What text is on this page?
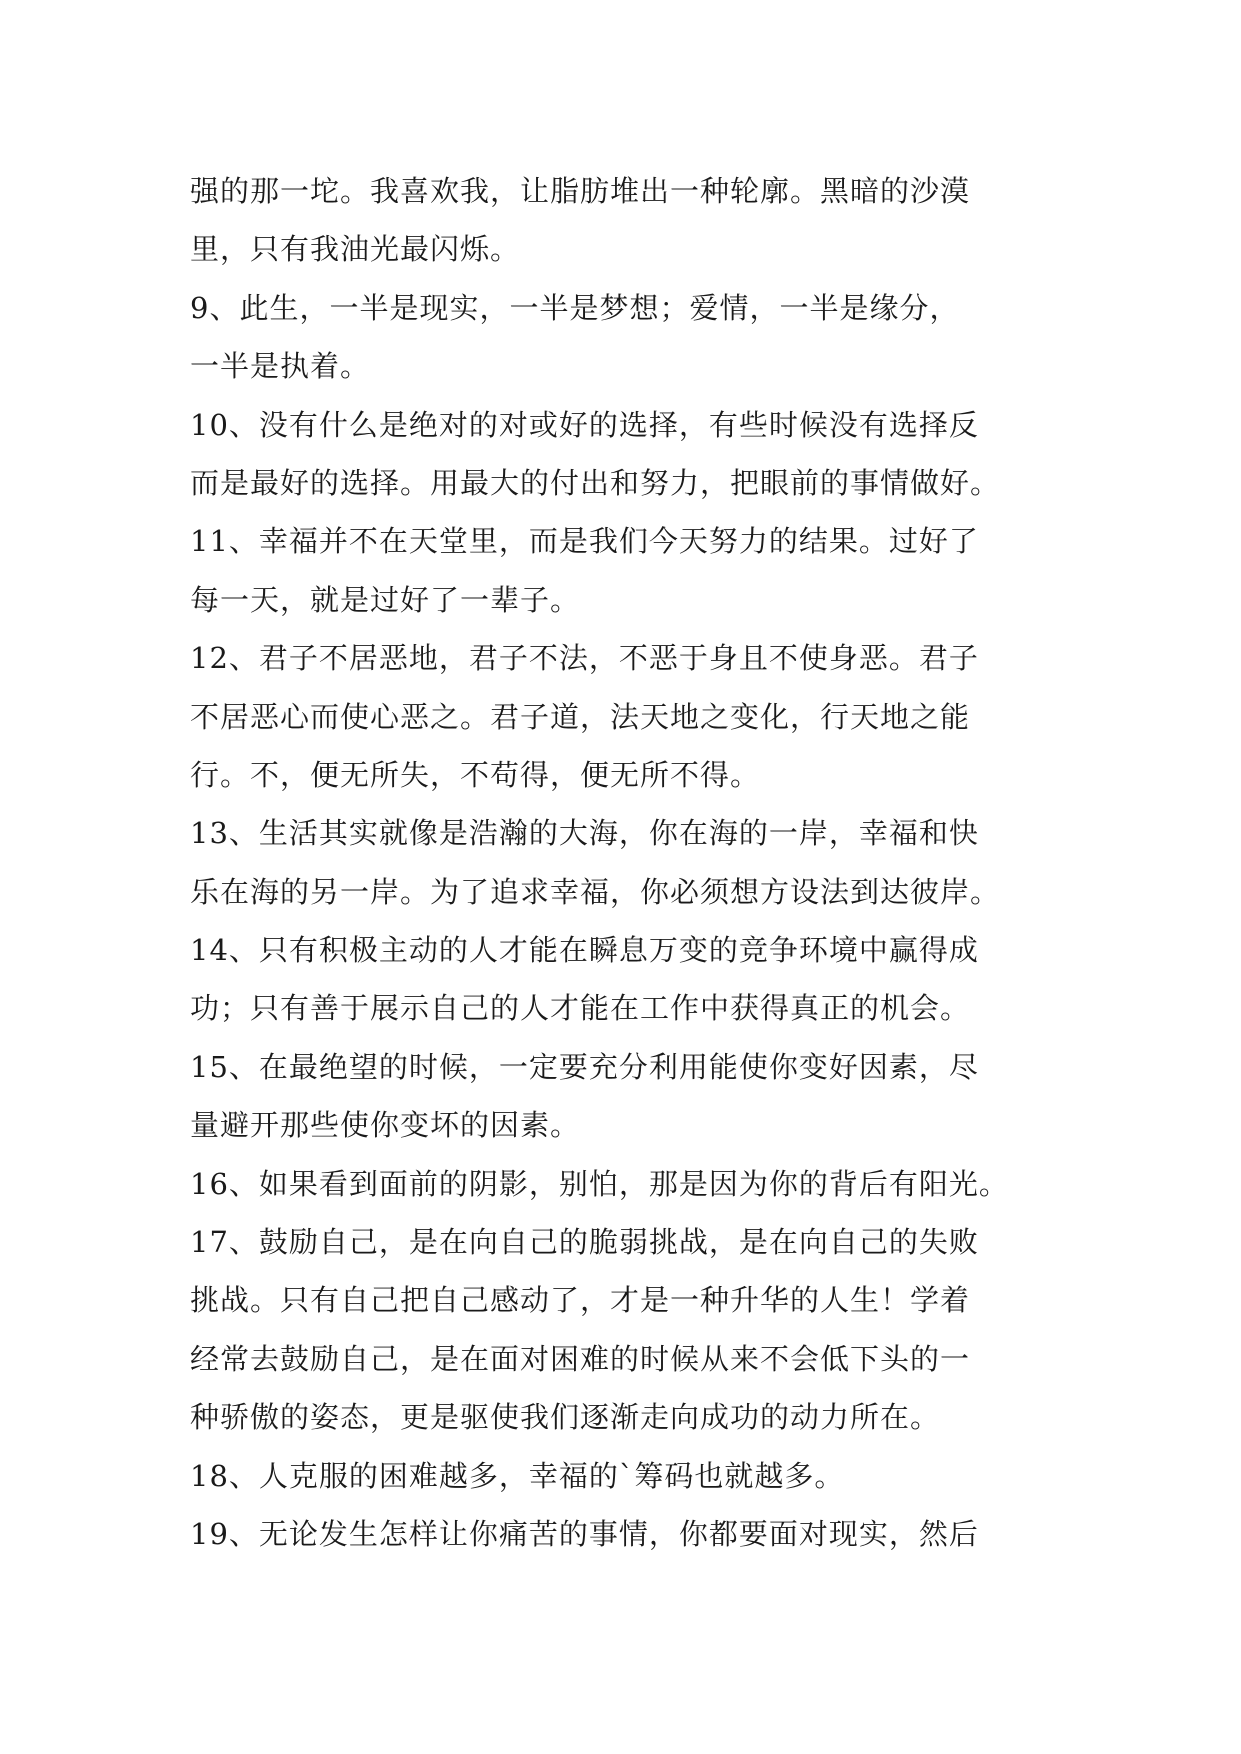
强的那一坨。我喜欢我，让脂肪堆出一种轮廓。黑暗的沙漠

里，只有我油光最闪烁。

9、此生，一半是现实，一半是梦想；爱情，一半是缘分，

一半是执着。

10、没有什么是绝对的对或好的选择，有些时候没有选择反

而是最好的选择。用最大的付出和努力，把眼前的事情做好。

11、幸福并不在天堂里，而是我们今天努力的结果。过好了

每一天，就是过好了一辈子。

12、君子不居恶地，君子不法，不恶于身且不使身恶。君子

不居恶心而使心恶之。君子道，法天地之变化，行天地之能

行。不，便无所失，不苟得，便无所不得。

13、生活其实就像是浩瀚的大海，你在海的一岸，幸福和快

乐在海的另一岸。为了追求幸福，你必须想方设法到达彼岸。

14、只有积极主动的人才能在瞬息万变的竞争环境中赢得成

功；只有善于展示自己的人才能在工作中获得真正的机会。

15、在最绝望的时候，一定要充分利用能使你变好因素，尽

量避开那些使你变坏的因素。

16、如果看到面前的阴影，别怕，那是因为你的背后有阳光。

17、鼓励自己，是在向自己的脆弱挑战，是在向自己的失败

挑战。只有自己把自己感动了，才是一种升华的人生！学着

经常去鼓励自己，是在面对困难的时候从来不会低下头的一

种骄傲的姿态，更是驱使我们逐渐走向成功的动力所在。

18、人克服的困难越多，幸福的`筹码也就越多。

19、无论发生怎样让你痛苦的事情，你都要面对现实，然后
